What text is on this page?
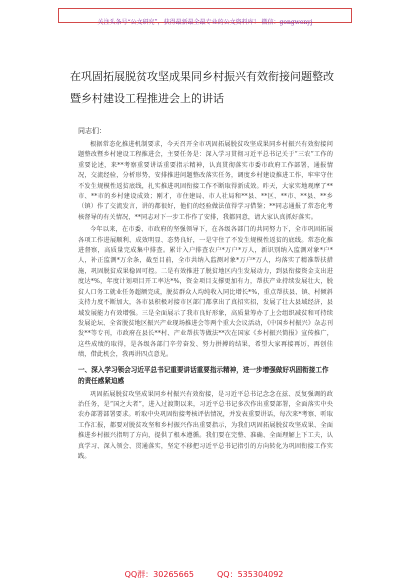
关注头条号“公文研究”，获得最新最全最专业的公文资料库！ 微信：gongwenyj
在巩固拓展脱贫攻坚成果同乡村振兴有效衔接问题整改暨乡村建设工程推进会上的讲话
同志们：

根据常态化推进机制要求，今天召开全市巩固拓展脱贫攻坚成果同乡村振兴有效衔接问题整改暨乡村建设工程推进会，主要任务是：深入学习贯彻习近平总书记关于“三农”工作的重要论述，来**考察重要讲话重要指示精神，认真贯彻落实市委市政府工作部署，通报情况，交流经验，分析形势，安排推进问题整改落实任务，调度乡村建设推进工作，牢牢守住不发生规模性返贫底线，扎实推进巩固衔接工作不断取得新成效。昨天，大家实地观摩了**市、**市的乡村建设成效；刚才，市住建局、市人社局和**县、**区、**市、**县、**乡（镇）作了交流发言，讲的都很好，他们的经验做法值得学习借鉴；**同志通报了常态化考核督导的有关情况，**同志对下一步工作作了安排，我都同意，请大家认真抓好落实。

今年以来，在市委、市政府的坚强领导下，在各级各部门的共同努力下，全市巩固拓展各项工作进展顺利、成效明显、态势良好，一是守住了不发生规模性返贫的底线。常态化推进督察，高质量完成集中排查。累计入户排查农户*万户*万人，新识别纳入监测对象*户*人，补正监测*万余条，截至目前，全市共纳入监测对象*万户*万人，均落实了精准帮扶措施，巩固脱贫成果稳固可控。二是有效推进了脱贫地区内生发展动力，到县衔接资金支出进度达*%，年度计划项目开工率达*%，资金项目支撑更加有力，帮扶产业持续发展壮大，脱贫人口务工就业任务超额完成，脱贫群众人均纯收入同比增长*%，重点帮扶县、镇、村倾斜支持力度不断加大，各市县积极对接市区部门都拿出了真招实招，发展了壮大县域经济，县域发展能力有效增强。三是全面展示了我市良好形象，高质量筹办了上会组织减贫和可持续发展论坛、全省脱贫地区振兴产业现场推进会等两个重大会议活动，《中国乡村振兴》杂志刊发**等专刊，市政府在县长**村、产业帮扶等做法**次在国家《乡村振兴简报》宣传推广，这些成绩的取得，是各级各部门辛劳奋发、努力拼搏的结果，希望大家再接再厉，再创佳绩，借此机会，我再讲四点意见。

一、深入学习领会习近平总书记重要讲话重要指示精神，进一步增强做好巩固衔接工作的责任感紧迫感

巩固拓展脱贫攻坚成果同乡村振兴有效衔接，是习近平总书记念念在兹、反复强调的政治任务，是“国之大者”，进入过渡期以来，习近平总书记多次作出重要部署，全面落实中央农办部署部署要求。听取中央巩固衔接考核评估情况，并发表重要讲话，每次来*考察、听取工作汇报，都要对脱贫攻坚和乡村振兴作出重要指示，为我们巩固拓展脱贫攻坚成果、全面推进乡村振兴指明了方向，提供了根本遵循。我们要在完整、准确、全面理解上下工夫，认真学习、深入领会、贯通落实，坚定不移把习近平总书记指引的方向转化为巩固衔接工作实践。

QQ群：30265665	QQ：535304092
